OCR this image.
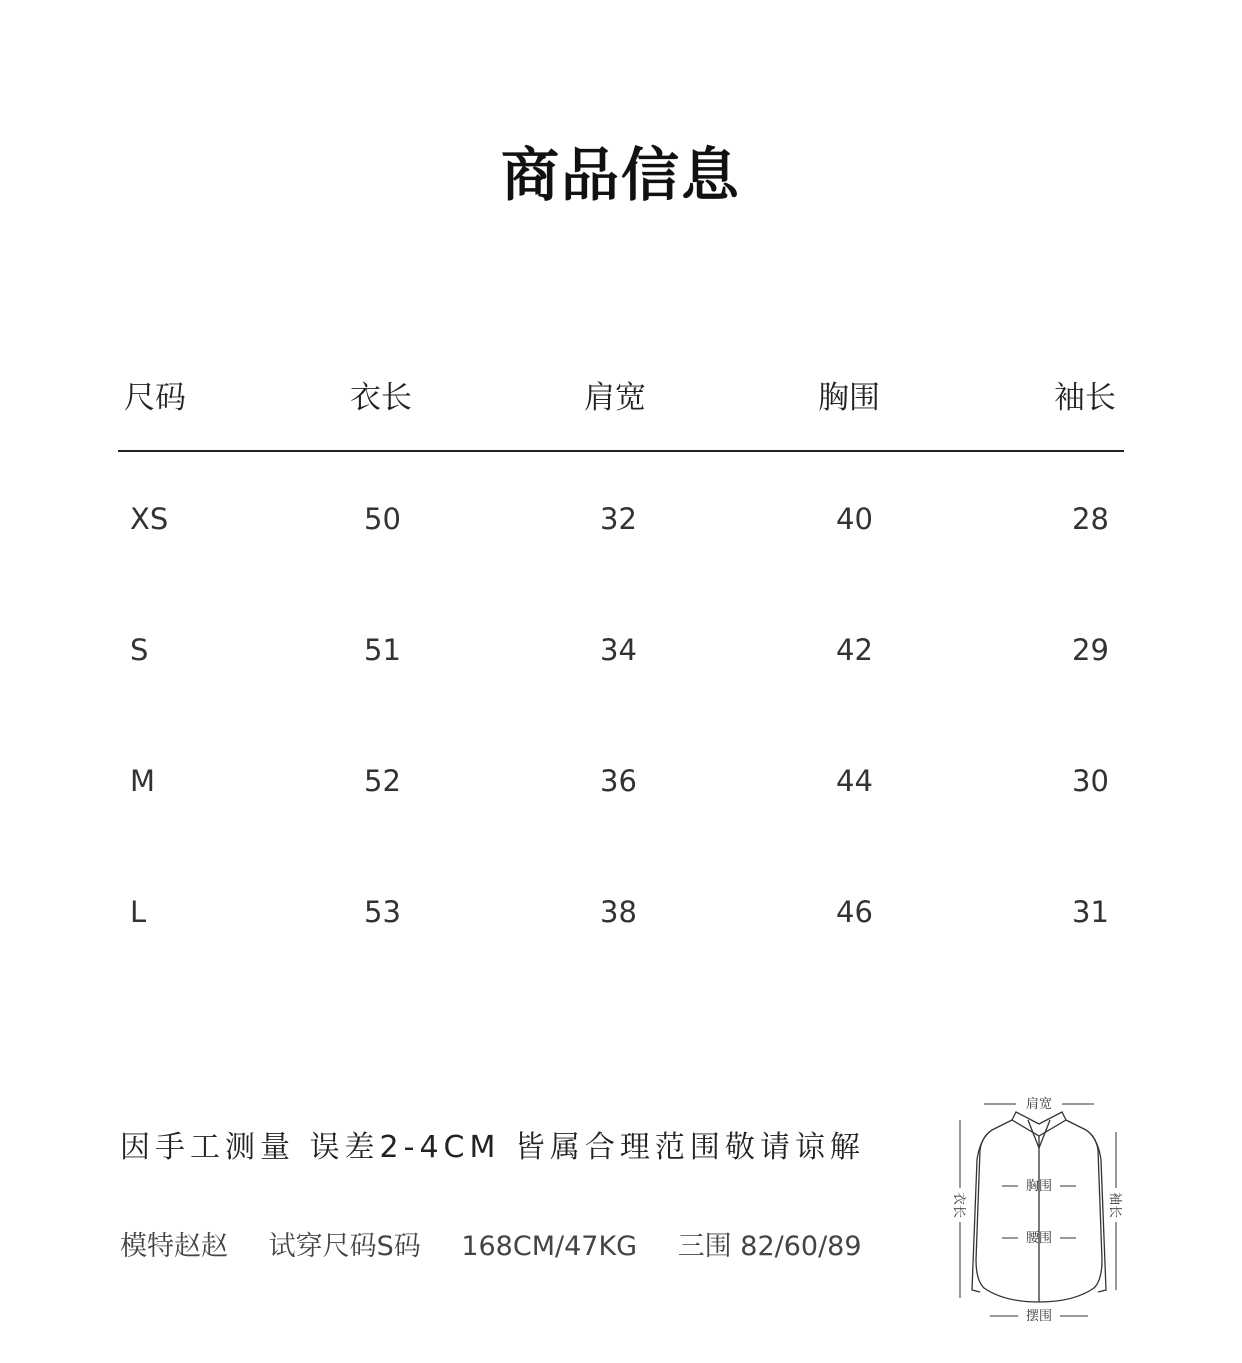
商品信息
尺码	衣长	肩宽	胸围	袖长
XS	50	32	40	28
S	51	34	42	29
M	52	36	44	30
L	53	38	46	31
因手工测量 误差2-4CM 皆属合理范围敬请谅解
模特赵赵 试穿尺码S码 168CM/47KG 三围 82/60/89
肩宽
胸围
腰围
衣长	袖长
摆围
